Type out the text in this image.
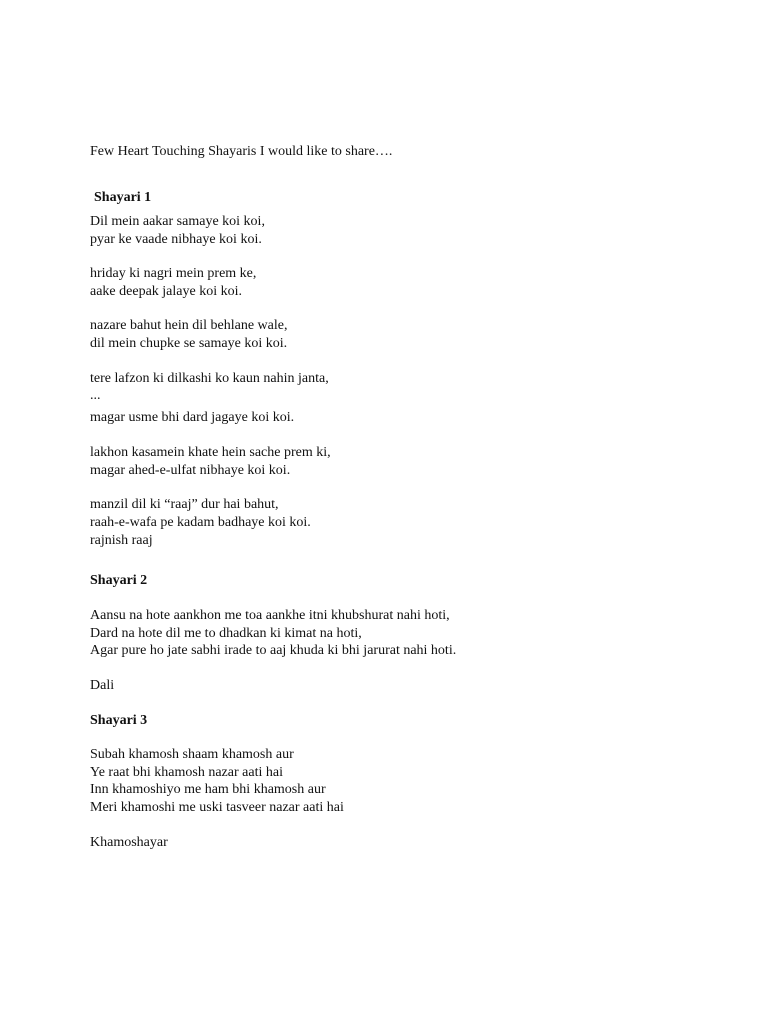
Few Heart Touching Shayaris I would like to share….
Shayari 1
Dil mein aakar samaye koi koi,
pyar ke vaade nibhaye koi koi.
hriday ki nagri mein prem ke,
aake deepak jalaye koi koi.
nazare bahut hein dil behlane wale,
dil mein chupke se samaye koi koi.
tere lafzon ki dilkashi ko kaun nahin janta,
...
magar usme bhi dard jagaye koi koi.
lakhon kasamein khate hein sache prem ki,
magar ahed-e-ulfat nibhaye koi koi.
manzil dil ki “raaj” dur hai bahut,
raah-e-wafa pe kadam badhaye koi koi.
rajnish raaj
Shayari 2
Aansu na hote aankhon me toa aankhe itni khubshurat nahi hoti,
Dard na hote dil me to dhadkan ki kimat na hoti,
Agar pure ho jate sabhi irade to aaj khuda ki bhi jarurat nahi hoti.
Dali
Shayari 3
Subah khamosh shaam khamosh aur
Ye raat bhi khamosh nazar aati hai
Inn khamoshiyo me ham bhi khamosh aur
Meri khamoshi me uski tasveer nazar aati hai
Khamoshayar
